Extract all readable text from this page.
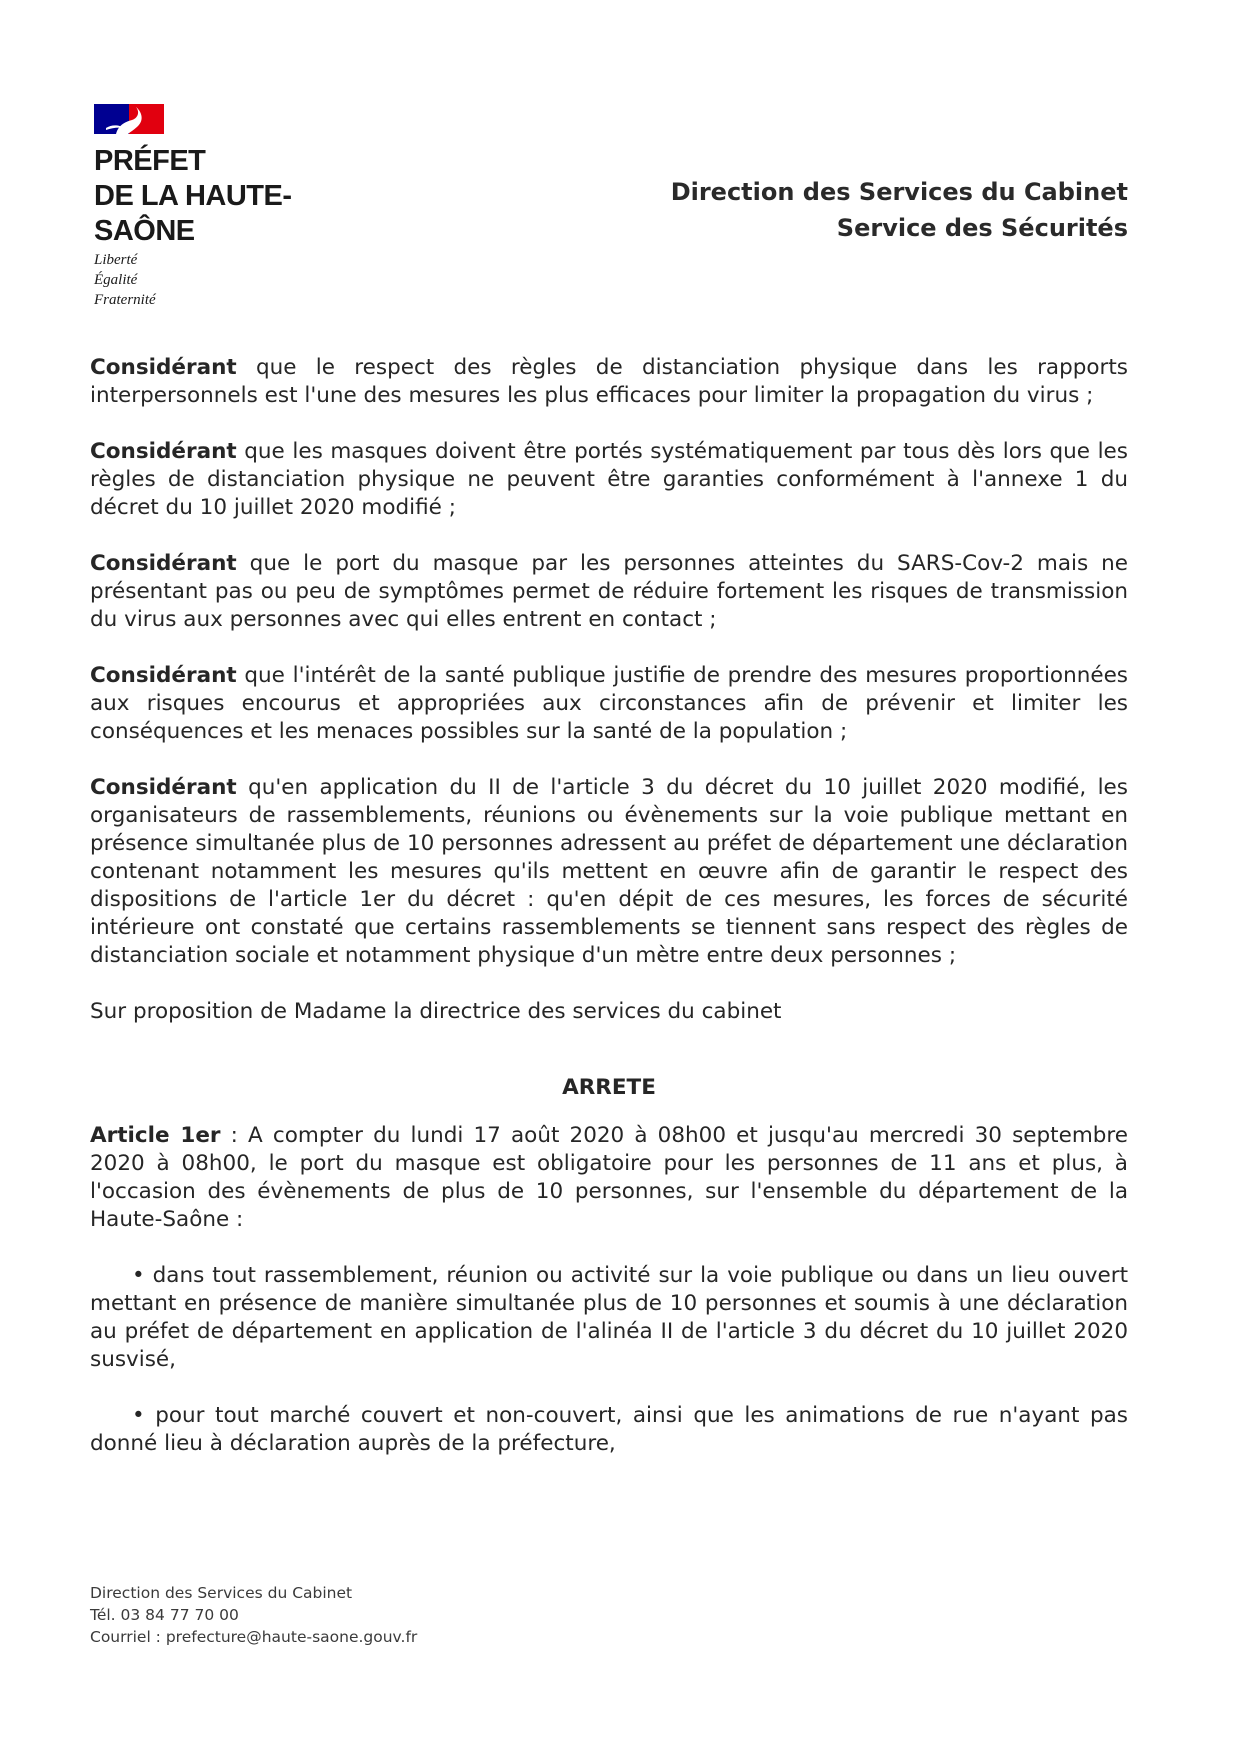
PRÉFET
DE LA HAUTE-
SAÔNE
Liberté
Égalité
Fraternité
Direction des Services du Cabinet
Service des Sécurités

Considérant que le respect des règles de distanciation physique dans les rapports interpersonnels est l'une des mesures les plus efficaces pour limiter la propagation du virus ;

Considérant que les masques doivent être portés systématiquement par tous dès lors que les règles de distanciation physique ne peuvent être garanties conformément à l'annexe 1 du décret du 10 juillet 2020 modifié ;

Considérant que le port du masque par les personnes atteintes du SARS-Cov-2 mais ne présentant pas ou peu de symptômes permet de réduire fortement les risques de transmission du virus aux personnes avec qui elles entrent en contact ;

Considérant que l'intérêt de la santé publique justifie de prendre des mesures proportionnées aux risques encourus et appropriées aux circonstances afin de prévenir et limiter les conséquences et les menaces possibles sur la santé de la population ;

Considérant qu'en application du II de l'article 3 du décret du 10 juillet 2020 modifié, les organisateurs de rassemblements, réunions ou évènements sur la voie publique mettant en présence simultanée plus de 10 personnes adressent au préfet de département une déclaration contenant notamment les mesures qu'ils mettent en œuvre afin de garantir le respect des dispositions de l'article 1er du décret : qu'en dépit de ces mesures, les forces de sécurité intérieure ont constaté que certains rassemblements se tiennent sans respect des règles de distanciation sociale et notamment physique d'un mètre entre deux personnes ;

Sur proposition de Madame la directrice des services du cabinet

ARRETE

Article 1er : A compter du lundi 17 août 2020 à 08h00 et jusqu'au mercredi 30 septembre 2020 à 08h00, le port du masque est obligatoire pour les personnes de 11 ans et plus, à l'occasion des évènements de plus de 10 personnes, sur l'ensemble du département de la Haute-Saône :

• dans tout rassemblement, réunion ou activité sur la voie publique ou dans un lieu ouvert mettant en présence de manière simultanée plus de 10 personnes et soumis à une déclaration au préfet de département en application de l'alinéa II de l'article 3 du décret du 10 juillet 2020 susvisé,

• pour tout marché couvert et non-couvert, ainsi que les animations de rue n'ayant pas donné lieu à déclaration auprès de la préfecture,

Direction des Services du Cabinet
Tél. 03 84 77 70 00
Courriel : prefecture@haute-saone.gouv.fr
